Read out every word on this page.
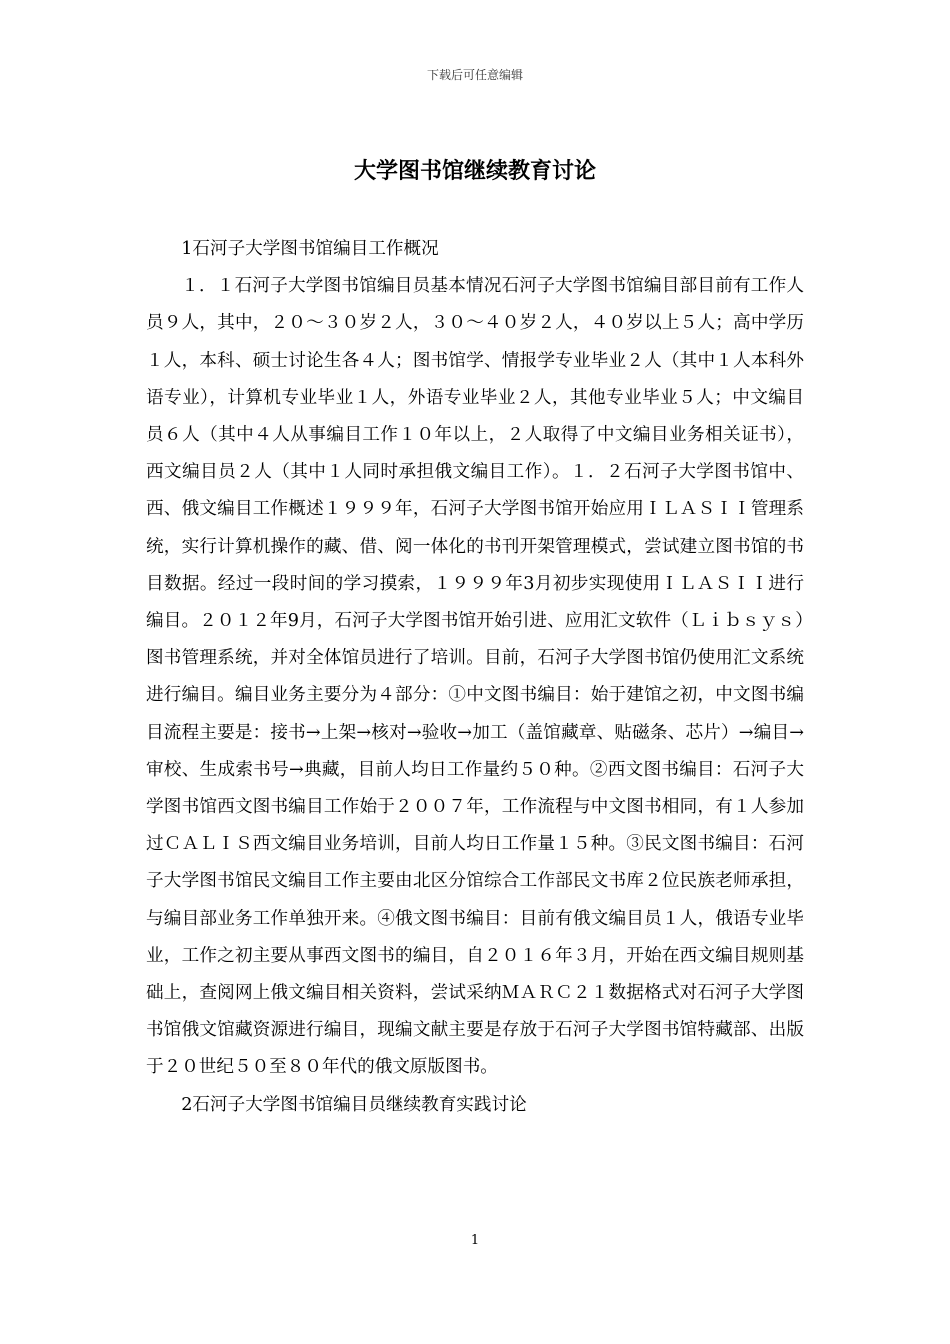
下载后可任意编辑
大学图书馆继续教育讨论

1石河子大学图书馆编目工作概况

１．１石河子大学图书馆编目员基本情况石河子大学图书馆编目部目前有工作人员９人，其中，２０～３０岁２人，３０～４０岁２人，４０岁以上５人；高中学历１人，本科、硕士讨论生各４人；图书馆学、情报学专业毕业２人（其中１人本科外语专业），计算机专业毕业１人，外语专业毕业２人，其他专业毕业５人；中文编目员６人（其中４人从事编目工作１０年以上，２人取得了中文编目业务相关证书），西文编目员２人（其中１人同时承担俄文编目工作）。１．２石河子大学图书馆中、西、俄文编目工作概述１９９９年，石河子大学图书馆开始应用ＩＬＡＳＩＩ管理系统，实行计算机操作的藏、借、阅一体化的书刊开架管理模式，尝试建立图书馆的书目数据。经过一段时间的学习摸索，１９９９年3月初步实现使用ＩＬＡＳＩＩ进行编目。２０１２年9月，石河子大学图书馆开始引进、应用汇文软件（Ｌｉｂｓｙｓ）图书管理系统，并对全体馆员进行了培训。目前，石河子大学图书馆仍使用汇文系统进行编目。编目业务主要分为４部分：①中文图书编目：始于建馆之初，中文图书编目流程主要是：接书→上架→核对→验收→加工（盖馆藏章、贴磁条、芯片）→编目→审校、生成索书号→典藏，目前人均日工作量约５０种。②西文图书编目：石河子大学图书馆西文图书编目工作始于２００７年，工作流程与中文图书相同，有１人参加过ＣＡＬＩＳ西文编目业务培训，目前人均日工作量１５种。③民文图书编目：石河子大学图书馆民文编目工作主要由北区分馆综合工作部民文书库２位民族老师承担，与编目部业务工作单独开来。④俄文图书编目：目前有俄文编目员１人，俄语专业毕业，工作之初主要从事西文图书的编目，自２０１６年３月，开始在西文编目规则基础上，查阅网上俄文编目相关资料，尝试采纳ＭＡＲＣ２１数据格式对石河子大学图书馆俄文馆藏资源进行编目，现编文献主要是存放于石河子大学图书馆特藏部、出版于２０世纪５０至８０年代的俄文原版图书。

2石河子大学图书馆编目员继续教育实践讨论

1
